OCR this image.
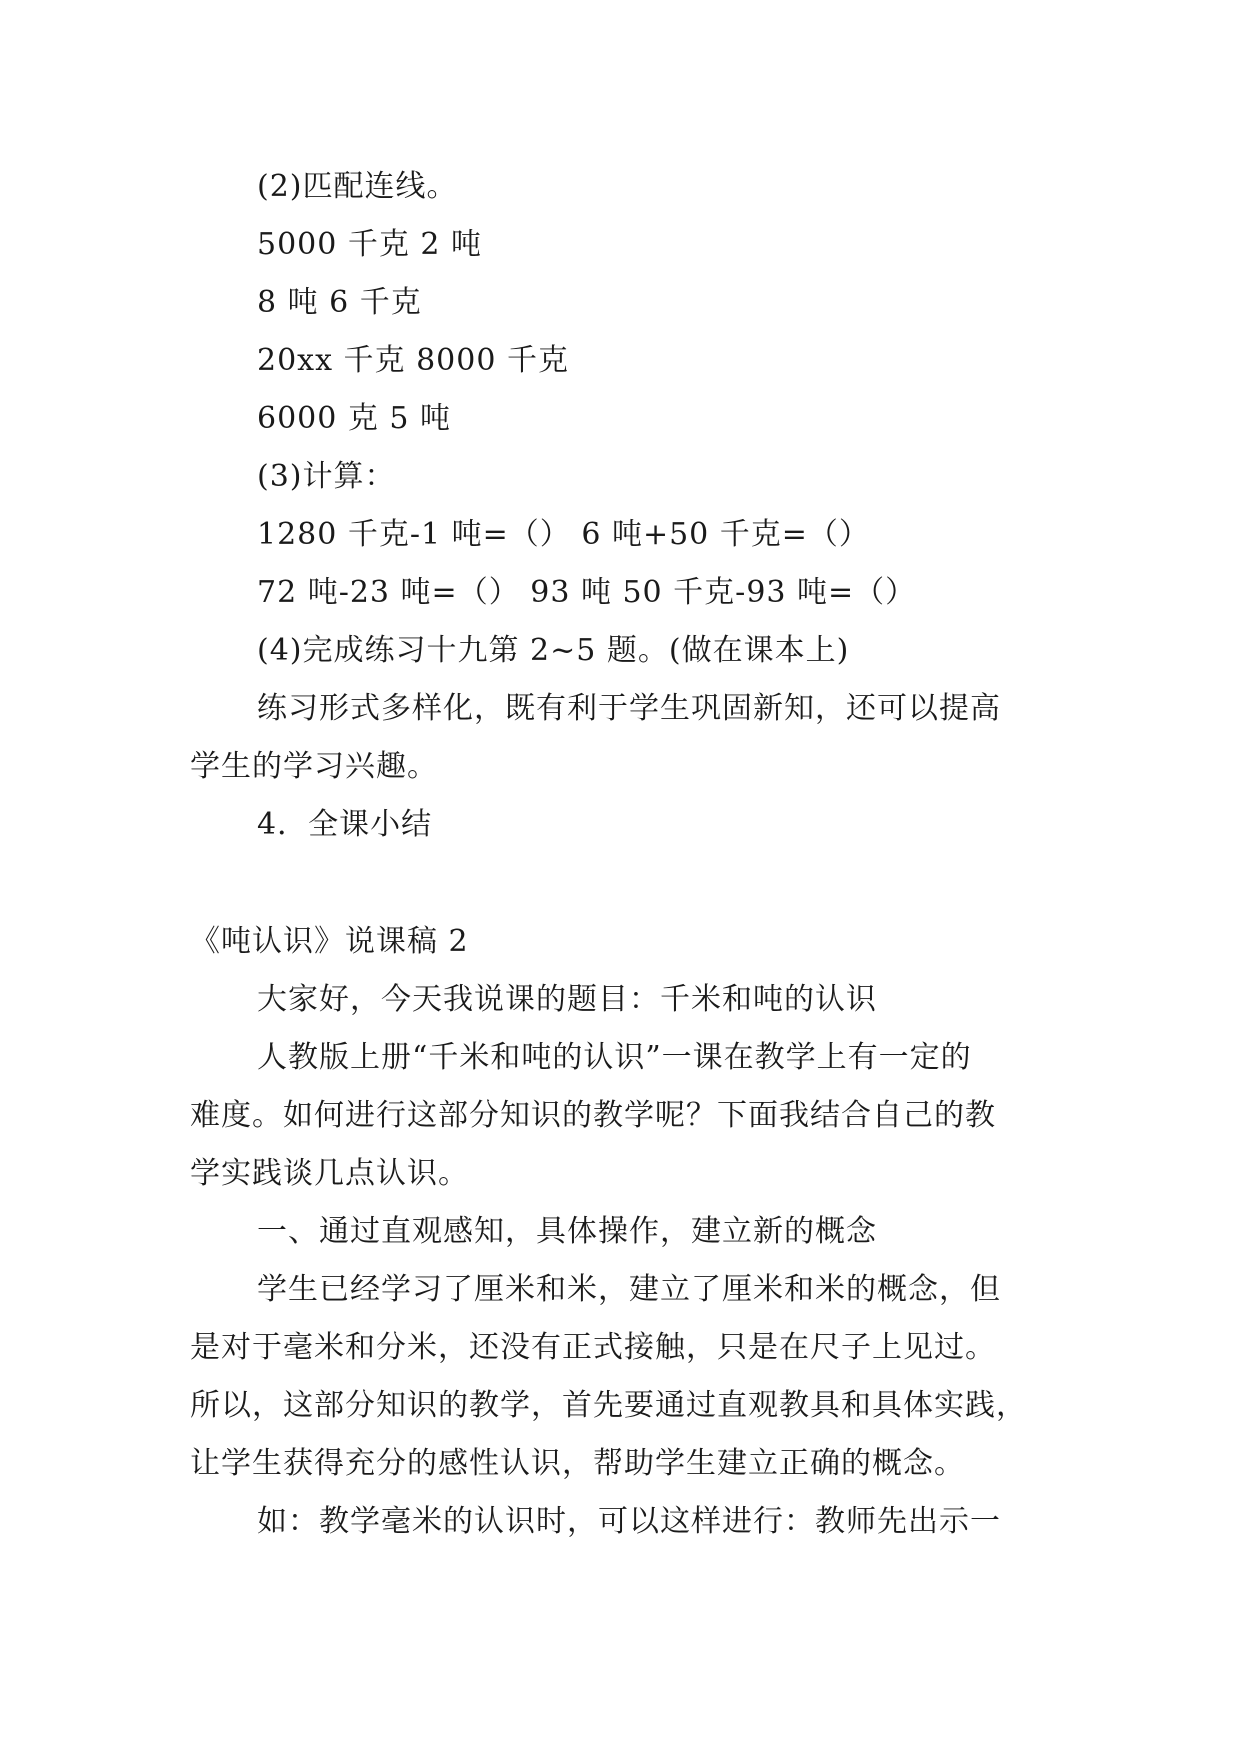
(2)匹配连线。
5000 千克 2 吨
8 吨 6 千克
20xx 千克 8000 千克
6000 克 5 吨
(3)计算：
1280 千克-1 吨=（） 6 吨+50 千克=（）
72 吨-23 吨=（） 93 吨 50 千克-93 吨=（）
(4)完成练习十九第 2~5 题。(做在课本上)
练习形式多样化，既有利于学生巩固新知，还可以提高
学生的学习兴趣。
4．全课小结
《吨认识》说课稿 2
大家好，今天我说课的题目：千米和吨的认识
人教版上册“千米和吨的认识”一课在教学上有一定的
难度。如何进行这部分知识的教学呢？下面我结合自己的教
学实践谈几点认识。
一、通过直观感知，具体操作，建立新的概念
学生已经学习了厘米和米，建立了厘米和米的概念，但
是对于毫米和分米，还没有正式接触，只是在尺子上见过。
所以，这部分知识的教学，首先要通过直观教具和具体实践，
让学生获得充分的感性认识，帮助学生建立正确的概念。
如：教学毫米的认识时，可以这样进行：教师先出示一
